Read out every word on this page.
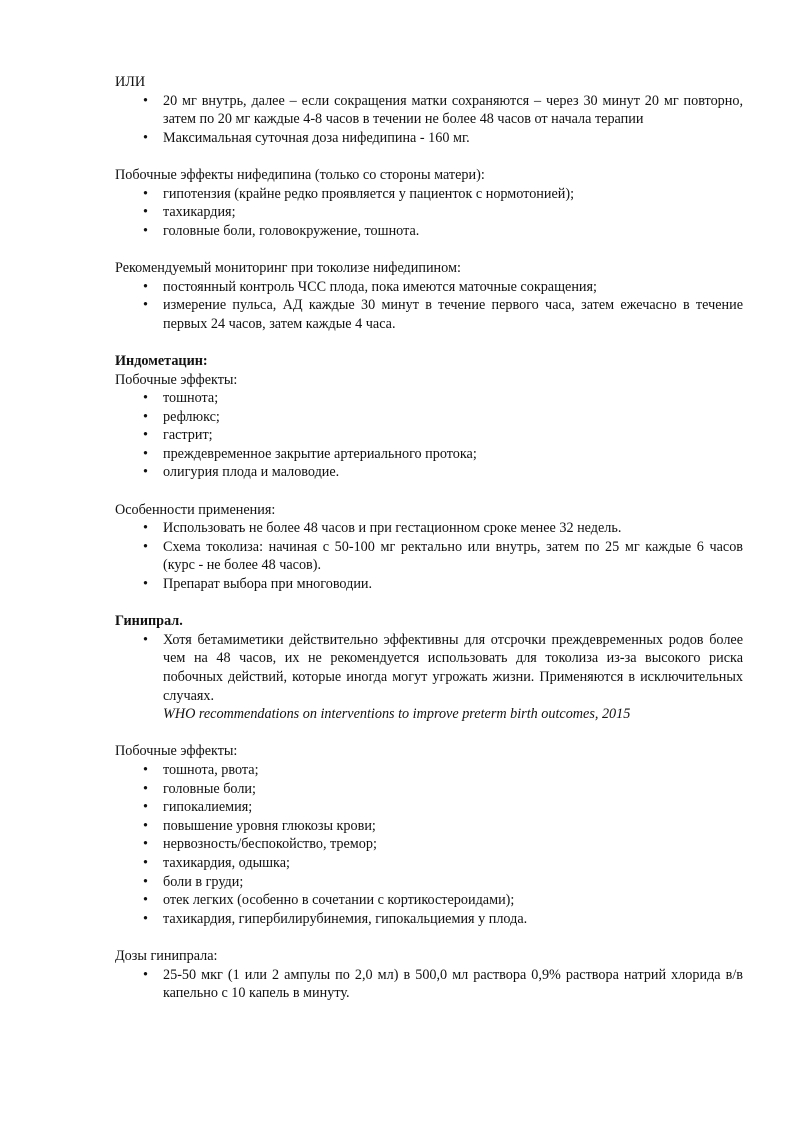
ИЛИ

• 20 мг внутрь, далее – если сокращения матки сохраняются – через 30 минут 20 мг повторно, затем по 20 мг каждые 4-8 часов в течении не более 48 часов от начала терапии
• Максимальная суточная доза нифедипина - 160 мг.

Побочные эффекты нифедипина (только со стороны матери):

• гипотензия (крайне редко проявляется у пациенток с нормотонией);
• тахикардия;
• головные боли, головокружение, тошнота.

Рекомендуемый мониторинг при токолизе нифедипином:

• постоянный контроль ЧСС плода, пока имеются маточные сокращения;
• измерение пульса, АД каждые 30 минут в течение первого часа, затем ежечасно в течение первых 24 часов, затем каждые 4 часа.

Индометацин:

Побочные эффекты:

• тошнота;
• рефлюкс;
• гастрит;
• преждевременное закрытие артериального протока;
• олигурия плода и маловодие.

Особенности применения:

• Использовать не более 48 часов и при гестационном сроке менее 32 недель.
• Схема токолиза: начиная с 50-100 мг ректально или внутрь, затем по 25 мг каждые 6 часов (курс - не более 48 часов).
• Препарат выбора при многоводии.

Гинипрал.

• Хотя бетамиметики действительно эффективны для отсрочки преждевременных родов более чем на 48 часов, их не рекомендуется использовать для токолиза из-за высокого риска побочных действий, которые иногда могут угрожать жизни. Применяются в исключительных случаях.
WHO recommendations on interventions to improve preterm birth outcomes, 2015

Побочные эффекты:

• тошнота, рвота;
• головные боли;
• гипокалиемия;
• повышение уровня глюкозы крови;
• нервозность/беспокойство, тремор;
• тахикардия, одышка;
• боли в груди;
• отек легких (особенно в сочетании с кортикостероидами);
• тахикардия, гипербилирубинемия, гипокальциемия у плода.

Дозы гинипрала:

• 25-50 мкг (1 или 2 ампулы по 2,0 мл) в 500,0 мл раствора 0,9% раствора натрий хлорида в/в капельно с 10 капель в минуту.
